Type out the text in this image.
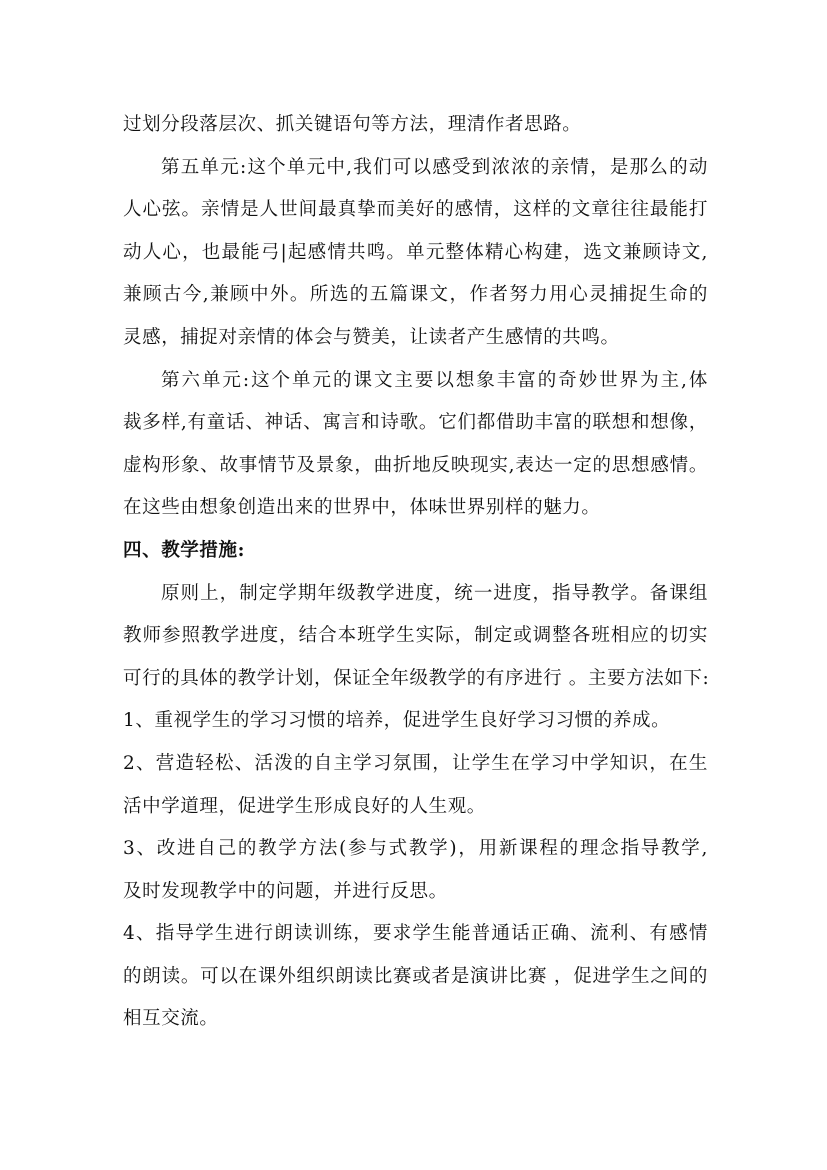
过划分段落层次、抓关键语句等方法，理清作者思路。
第五单元:这个单元中,我们可以感受到浓浓的亲情，是那么的动
人心弦。亲情是人世间最真挚而美好的感情，这样的文章往往最能打
动人心，也最能弓|起感情共鸣。单元整体精心构建，选文兼顾诗文,
兼顾古今,兼顾中外。所选的五篇课文，作者努力用心灵捕捉生命的
灵感，捕捉对亲情的体会与赞美，让读者产生感情的共鸣。
第六单元:这个单元的课文主要以想象丰富的奇妙世界为主,体
裁多样,有童话、神话、寓言和诗歌。它们都借助丰富的联想和想像，
虚构形象、故事情节及景象，曲折地反映现实,表达一定的思想感情。
在这些由想象创造出来的世界中，体味世界别样的魅力。
四、教学措施:
原则上，制定学期年级教学进度，统一进度，指导教学。备课组
教师参照教学进度，结合本班学生实际，制定或调整各班相应的切实
可行的具体的教学计划，保证全年级教学的有序进行 。主要方法如下:
1、重视学生的学习习惯的培养，促进学生良好学习习惯的养成。
2、营造轻松、活泼的自主学习氛围，让学生在学习中学知识，在生
活中学道理，促进学生形成良好的人生观。
3、改进自己的教学方法(参与式教学)，用新课程的理念指导教学,
及时发现教学中的问题，并进行反思。
4、指导学生进行朗读训练，要求学生能普通话正确、流利、有感情
的朗读。可以在课外组织朗读比赛或者是演讲比赛 ，促进学生之间的
相互交流。
